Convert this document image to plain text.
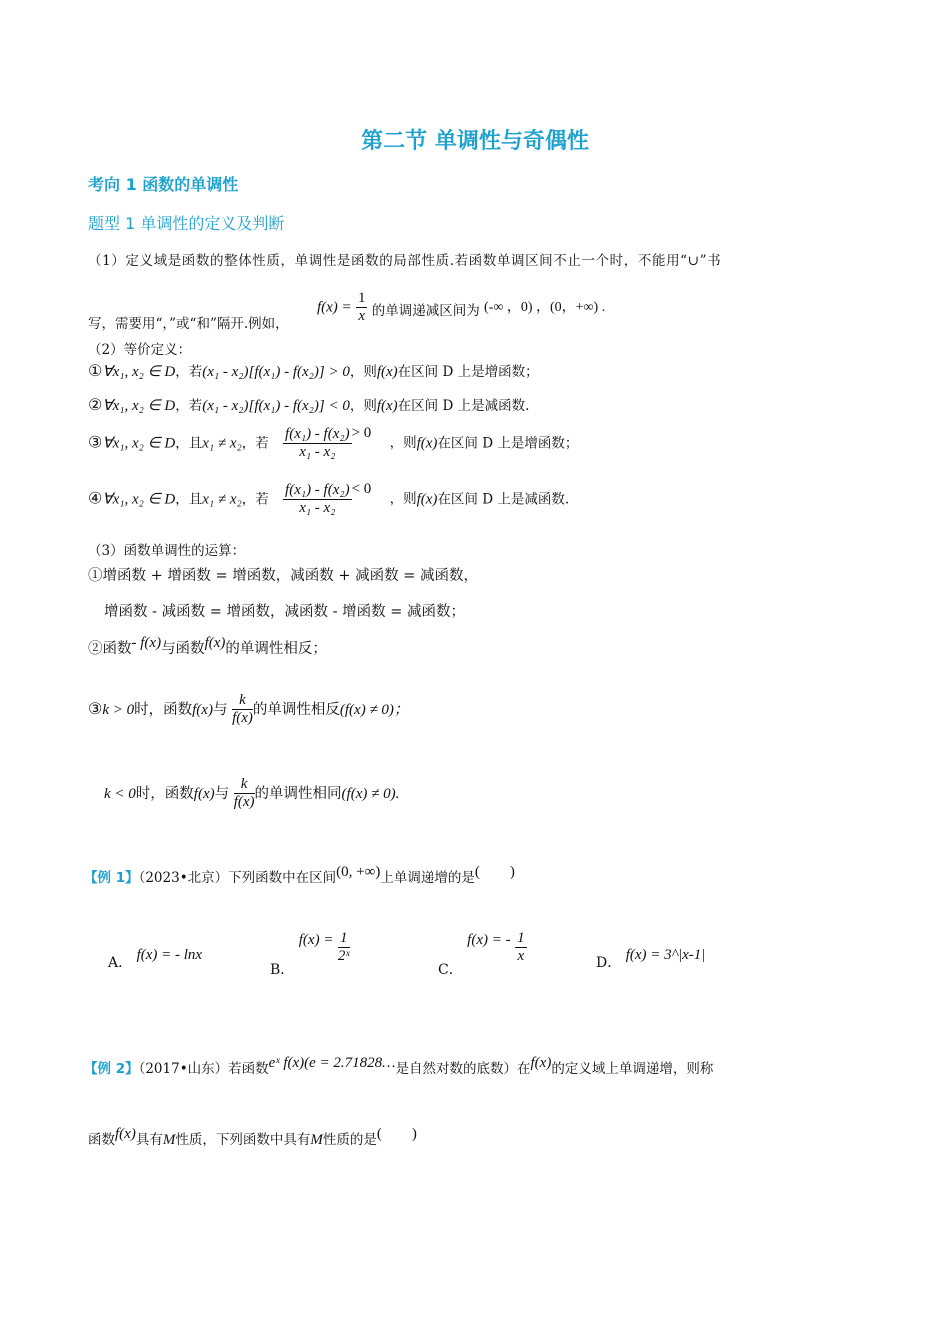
第二节 单调性与奇偶性
考向 1 函数的单调性
题型 1 单调性的定义及判断
（1）定义域是函数的整体性质，单调性是函数的局部性质.若函数单调区间不止一个时，不能用“∪”书
写，需要用“，”或“和”隔开.例如， $f(x) = \frac{1}{x}$ 的单调递减区间为 (-∞ ，0) ，(0，+∞) .
（2）等价定义：
①∀x₁, x₂ ∈ D，若(x₁ - x₂)[f(x₁) - f(x₂)] > 0，则f(x)在区间 D 上是增函数；
②∀x₁, x₂ ∈ D，若(x₁ - x₂)[f(x₁) - f(x₂)] < 0，则f(x)在区间 D 上是减函数.
③∀x₁, x₂ ∈ D，且x₁ ≠ x₂，若 $\frac{\text{f(x₁) - f(x₂)}}{\text{x₁ - x₂}} > 0$ ，则f(x)在区间 D 上是增函数；
④∀x₁, x₂ ∈ D，且x₁ ≠ x₂，若 $\frac{\text{f(x₁) - f(x₂)}}{\text{x₁ - x₂}} < 0$ ，则f(x)在区间 D 上是减函数.
（3）函数单调性的运算：
①增函数 + 增函数 = 增函数，减函数 + 减函数 = 减函数，
增函数 - 减函数 = 增函数，减函数 - 增函数 = 减函数；
②函数- f(x)与函数f(x)的单调性相反；
③k > 0时，函数f(x)与 $\frac{k}{f(x)}$ 的单调性相反(f(x) ≠ 0)；
k < 0时，函数f(x)与 $\frac{k}{f(x)}$ 的单调性相同(f(x) ≠ 0).
【例 1】（2023•北京）下列函数中在区间(0, +∞)上单调递增的是(　　)
A． f(x) = - lnx
B． $f(x) = \frac{1}{\text{2ˣ}}$
C． f(x) = - $\frac{1}{x}$	D． f(x) = 3^|x-1|
【例 2】（2017•山东）若函数eˣ f(x)(e = 2.71828…是自然对数的底数）在f(x)的定义域上单调递增，则称
函数f(x)具有M性质，下列函数中具有M性质的是(　　)
